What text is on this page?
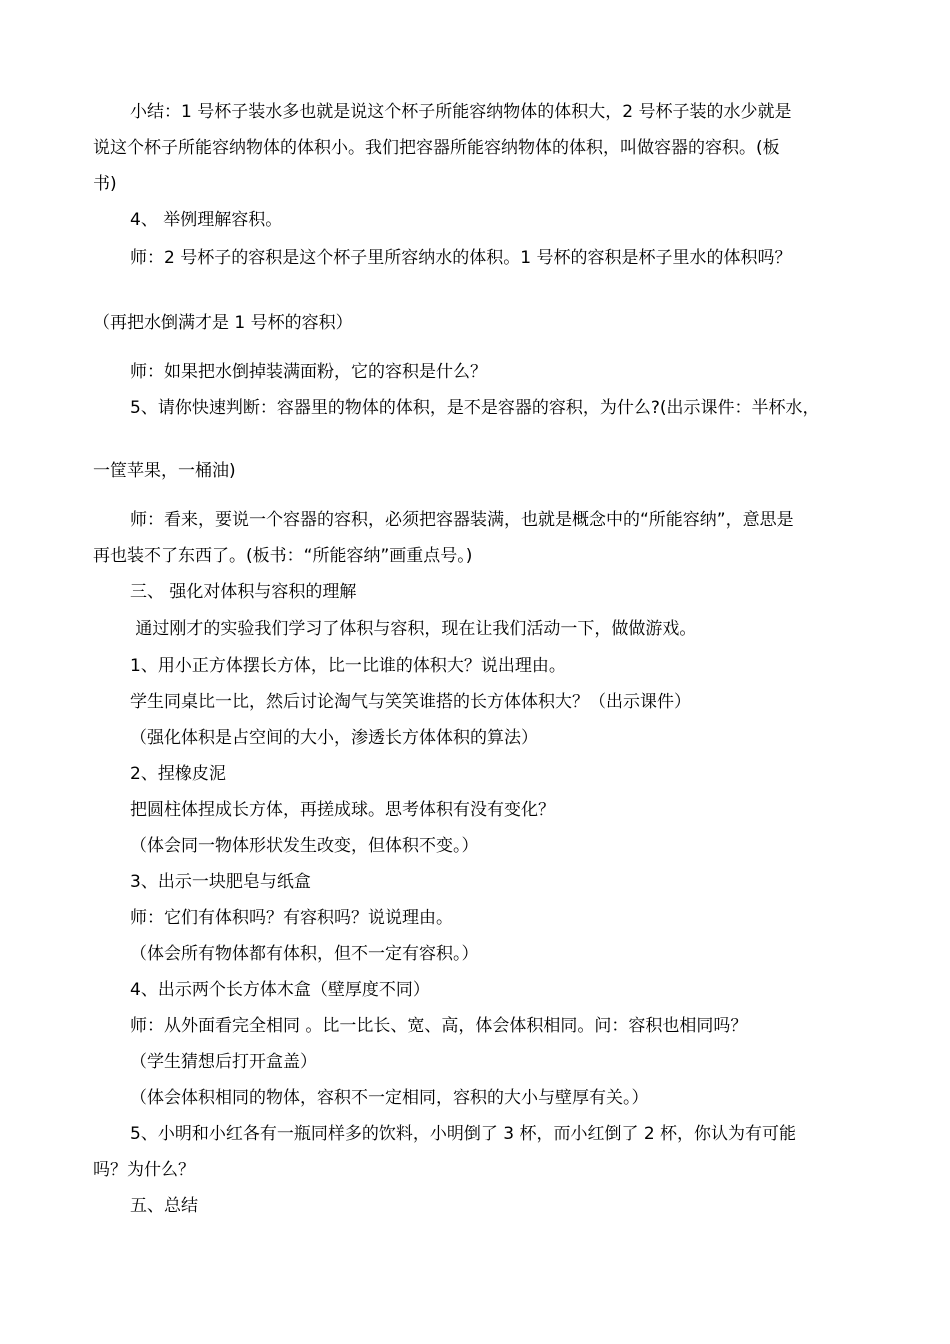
小结：1 号杯子装水多也就是说这个杯子所能容纳物体的体积大，2 号杯子装的水少就是
说这个杯子所能容纳物体的体积小。我们把容器所能容纳物体的体积，叫做容器的容积。(板
书)
4、 举例理解容积。
师：2 号杯子的容积是这个杯子里所容纳水的体积。1 号杯的容积是杯子里水的体积吗？
（再把水倒满才是 1 号杯的容积）
师：如果把水倒掉装满面粉，它的容积是什么？
5、请你快速判断：容器里的物体的体积，是不是容器的容积，为什么?(出示课件：半杯水，
一筐苹果，一桶油)
师：看来，要说一个容器的容积，必须把容器装满，也就是概念中的“所能容纳”，意思是
再也装不了东西了。(板书：“所能容纳”画重点号。)
三、 强化对体积与容积的理解
通过刚才的实验我们学习了体积与容积，现在让我们活动一下，做做游戏。
1、用小正方体摆长方体，比一比谁的体积大？说出理由。
学生同桌比一比，然后讨论淘气与笑笑谁搭的长方体体积大？（出示课件）
（强化体积是占空间的大小，渗透长方体体积的算法）
2、捏橡皮泥
把圆柱体捏成长方体，再搓成球。思考体积有没有变化？
（体会同一物体形状发生改变，但体积不变。）
3、出示一块肥皂与纸盒
师：它们有体积吗？有容积吗？说说理由。
（体会所有物体都有体积，但不一定有容积。）
4、出示两个长方体木盒（壁厚度不同）
师：从外面看完全相同 。比一比长、宽、高，体会体积相同。问：容积也相同吗？
（学生猜想后打开盒盖）
（体会体积相同的物体，容积不一定相同，容积的大小与壁厚有关。）
5、小明和小红各有一瓶同样多的饮料，小明倒了 3 杯，而小红倒了 2 杯，你认为有可能
吗？为什么？
五、总结
